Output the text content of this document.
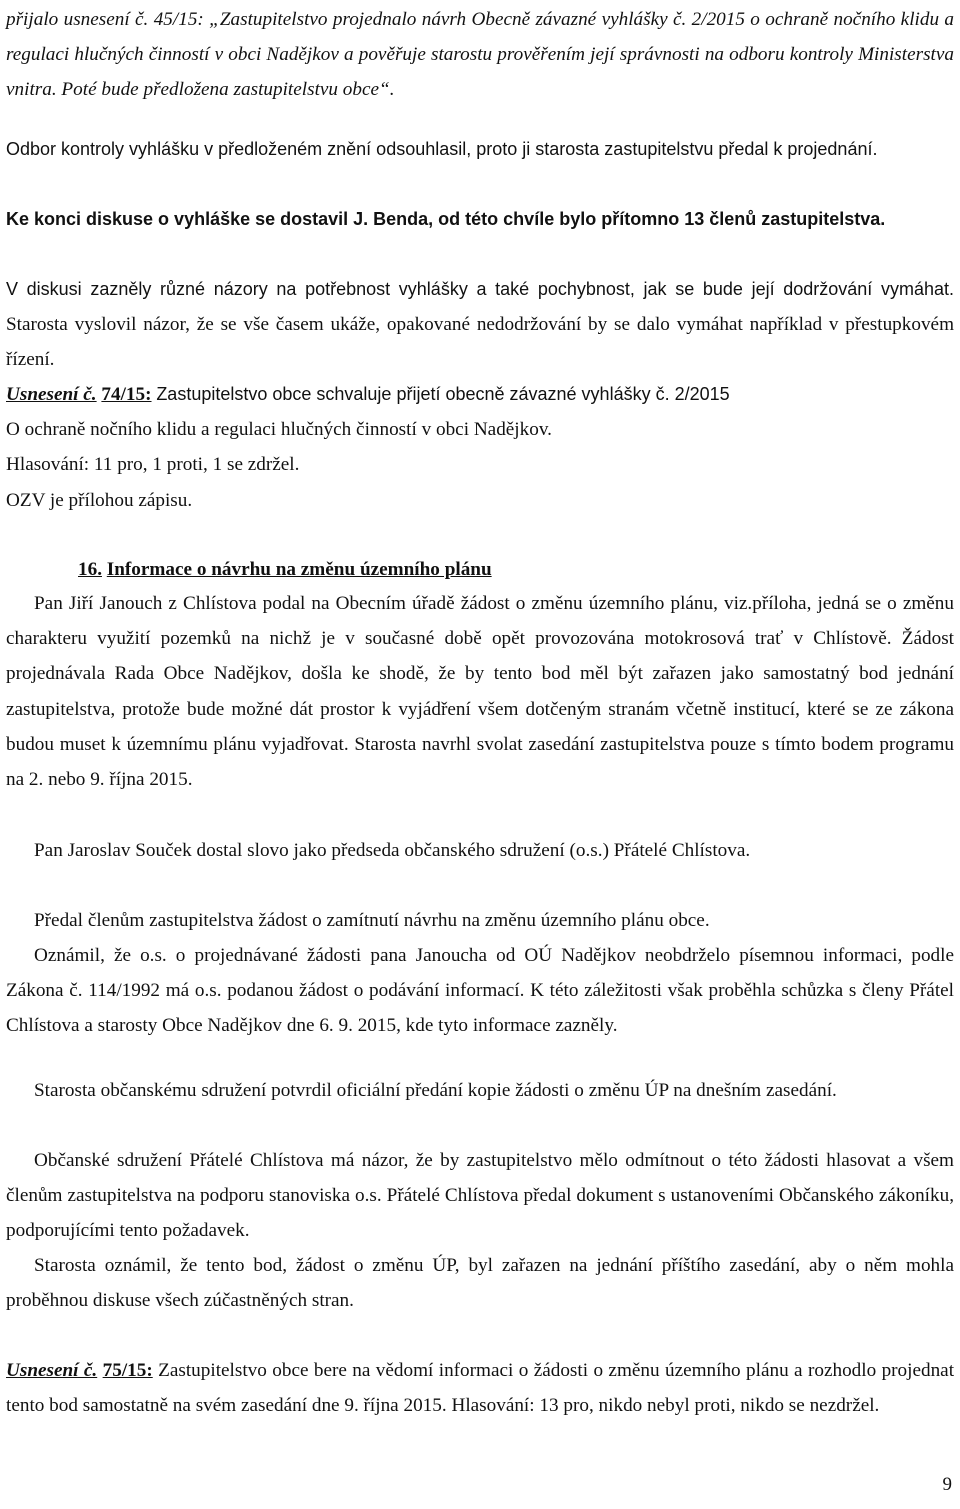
přijalo usnesení č. 45/15: „Zastupitelstvo projednalo návrh Obecně závazné vyhlášky č. 2/2015 o ochraně nočního klidu a regulaci hlučných činností v obci Nadějkov a pověřuje starostu prověřením její správnosti na odboru kontroly Ministerstva vnitra. Poté bude předložena zastupitelstvu obce“.

Odbor kontroly vyhlášku v předloženém znění odsouhlasil, proto ji starosta zastupitelstvu předal k projednání.

Ke konci diskuse o vyhláške se dostavil J. Benda, od této chvíle bylo přítomno 13 členů zastupitelstva.

V diskusi zazněly různé názory na potřebnost vyhlášky a také pochybnost, jak se bude její dodržování vymáhat. Starosta vyslovil názor, že se vše časem ukáže, opakované nedodržování by se dalo vymáhat například v přestupkovém řízení.

Usnesení č. 74/15: Zastupitelstvo obce schvaluje přijetí obecně závazné vyhlášky č. 2/2015
O ochraně nočního klidu a regulaci hlučných činností v obci Nadějkov.
Hlasování: 11 pro, 1 proti, 1 se zdržel.
OZV je přílohou zápisu.

16. Informace o návrhu na změnu územního plánu

Pan Jiří Janouch z Chlístova podal na Obecním úřadě žádost o změnu územního plánu, viz.příloha, jedná se o změnu charakteru využití pozemků na nichž je v současné době opět provozována motokrosová trať v Chlístově. Žádost projednávala Rada Obce Nadějkov, došla ke shodě, že by tento bod měl být zařazen jako samostatný bod jednání zastupitelstva, protože bude možné dát prostor k vyjádření všem dotčeným stranám včetně institucí, které se ze zákona budou muset k územnímu plánu vyjadřovat. Starosta navrhl svolat zasedání zastupitelstva pouze s tímto bodem programu na 2. nebo 9. října 2015.

Pan Jaroslav Souček dostal slovo jako předseda občanského sdružení (o.s.) Přátelé Chlístova.

Předal členům zastupitelstva žádost o zamítnutí návrhu na změnu územního plánu obce.

Oznámil, že o.s. o projednávané žádosti pana Janoucha od OÚ Nadějkov neobdrželo písemnou informaci, podle Zákona č. 114/1992 má o.s. podanou žádost o podávání informací. K této záležitosti však proběhla schůzka s členy Přátel Chlístova a starosty Obce Nadějkov dne 6. 9. 2015, kde tyto informace zazněly.

Starosta občanskému sdružení potvrdil oficiální předání kopie žádosti o změnu ÚP na dnešním zasedání.

Občanské sdružení Přátelé Chlístova má názor, že by zastupitelstvo mělo odmítnout o této žádosti hlasovat a všem členům zastupitelstva na podporu stanoviska o.s. Přátelé Chlístova předal dokument s ustanoveními Občanského zákoníku, podporujícími tento požadavek.

Starosta oznámil, že tento bod, žádost o změnu ÚP, byl zařazen na jednání příštího zasedání, aby o něm mohla proběhnou diskuse všech zúčastněných stran.

Usnesení č. 75/15: Zastupitelstvo obce bere na vědomí informaci o žádosti o změnu územního plánu a rozhodlo projednat tento bod samostatně na svém zasedání dne 9. října 2015. Hlasování: 13 pro, nikdo nebyl proti, nikdo se nezdržel.

9
